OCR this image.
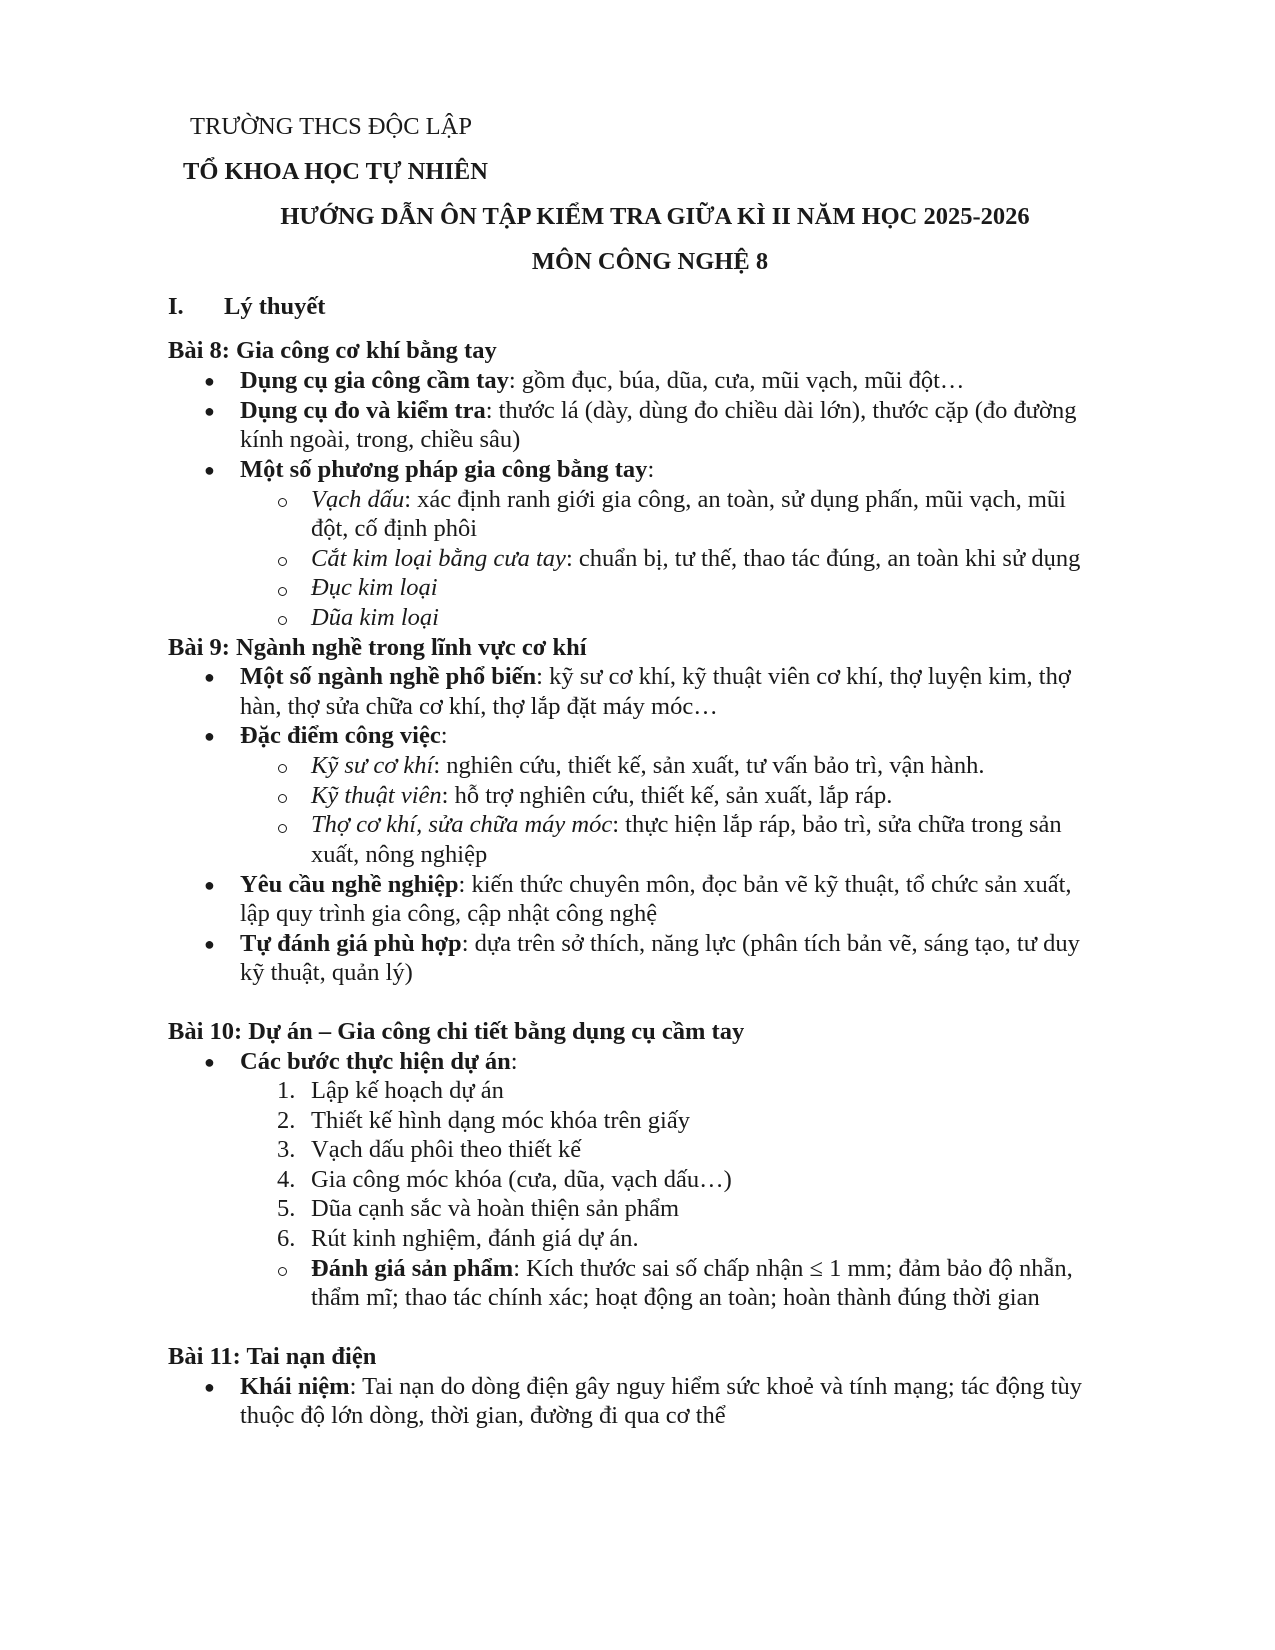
TRƯỜNG THCS ĐỘC LẬP
TỔ KHOA HỌC TỰ NHIÊN
HƯỚNG DẪN ÔN TẬP KIỂM TRA GIỮA KÌ II NĂM HỌC 2025-2026
MÔN CÔNG NGHỆ 8
I. Lý thuyết
Bài 8: Gia công cơ khí bằng tay
● Dụng cụ gia công cầm tay: gồm đục, búa, dũa, cưa, mũi vạch, mũi đột…
● Dụng cụ đo và kiểm tra: thước lá (dày, dùng đo chiều dài lớn), thước cặp (đo đường
kính ngoài, trong, chiều sâu)
● Một số phương pháp gia công bằng tay:
Vạch dấu: xác định ranh giới gia công, an toàn, sử dụng phấn, mũi vạch, mũi
đột, cố định phôi
Cắt kim loại bằng cưa tay: chuẩn bị, tư thế, thao tác đúng, an toàn khi sử dụng
Đục kim loại
Dũa kim loại
Bài 9: Ngành nghề trong lĩnh vực cơ khí
● Một số ngành nghề phổ biến: kỹ sư cơ khí, kỹ thuật viên cơ khí, thợ luyện kim, thợ
hàn, thợ sửa chữa cơ khí, thợ lắp đặt máy móc…
● Đặc điểm công việc:
Kỹ sư cơ khí: nghiên cứu, thiết kế, sản xuất, tư vấn bảo trì, vận hành.
Kỹ thuật viên: hỗ trợ nghiên cứu, thiết kế, sản xuất, lắp ráp.
Thợ cơ khí, sửa chữa máy móc: thực hiện lắp ráp, bảo trì, sửa chữa trong sản
xuất, nông nghiệp
● Yêu cầu nghề nghiệp: kiến thức chuyên môn, đọc bản vẽ kỹ thuật, tổ chức sản xuất,
lập quy trình gia công, cập nhật công nghệ
● Tự đánh giá phù hợp: dựa trên sở thích, năng lực (phân tích bản vẽ, sáng tạo, tư duy
kỹ thuật, quản lý)
Bài 10: Dự án – Gia công chi tiết bằng dụng cụ cầm tay
● Các bước thực hiện dự án:
1. Lập kế hoạch dự án
2. Thiết kế hình dạng móc khóa trên giấy
3. Vạch dấu phôi theo thiết kế
4. Gia công móc khóa (cưa, dũa, vạch dấu…)
5. Dũa cạnh sắc và hoàn thiện sản phẩm
6. Rút kinh nghiệm, đánh giá dự án.
Đánh giá sản phẩm: Kích thước sai số chấp nhận ≤ 1 mm; đảm bảo độ nhẵn,
thẩm mĩ; thao tác chính xác; hoạt động an toàn; hoàn thành đúng thời gian
Bài 11: Tai nạn điện
● Khái niệm: Tai nạn do dòng điện gây nguy hiểm sức khoẻ và tính mạng; tác động tùy
thuộc độ lớn dòng, thời gian, đường đi qua cơ thể
